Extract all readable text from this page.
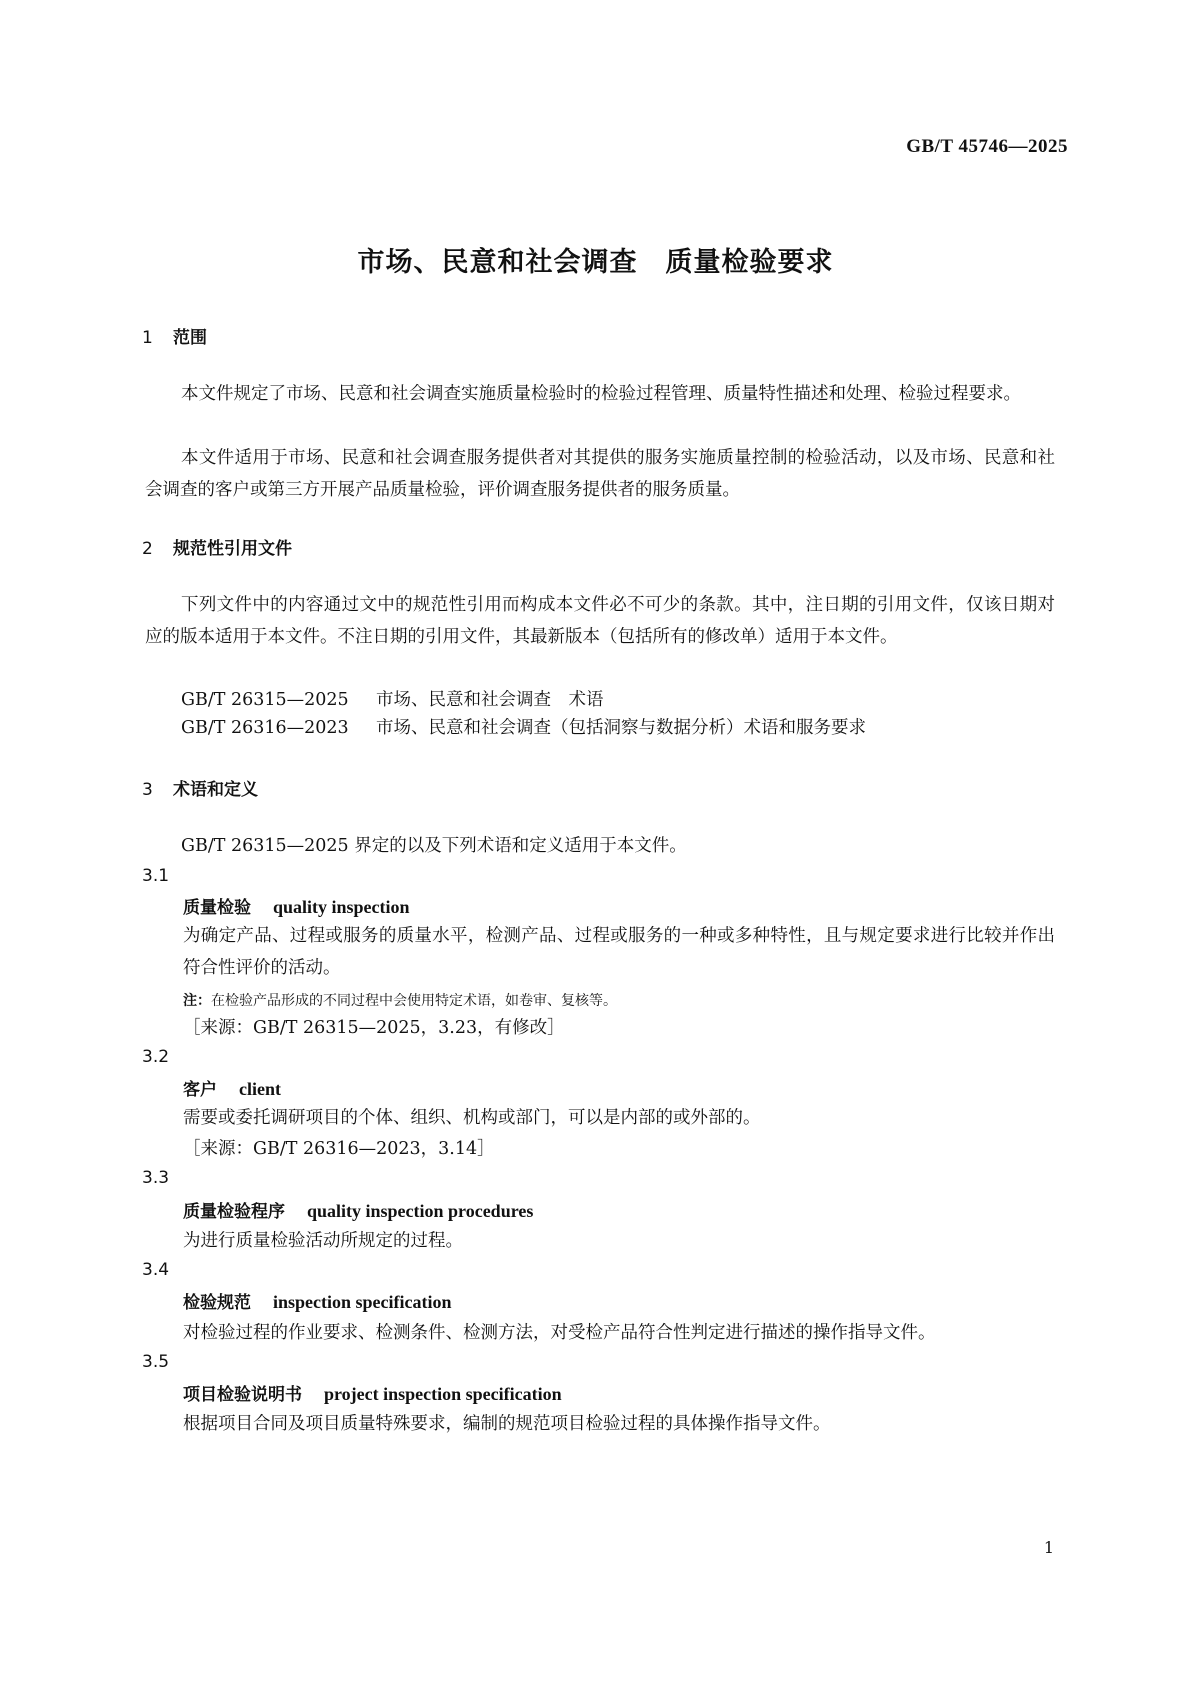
GB/T 45746—2025
市场、民意和社会调查　质量检验要求
1 范围
本文件规定了市场、民意和社会调查实施质量检验时的检验过程管理、质量特性描述和处理、检验过程要求。
本文件适用于市场、民意和社会调查服务提供者对其提供的服务实施质量控制的检验活动，以及市场、民意和社会调查的客户或第三方开展产品质量检验，评价调查服务提供者的服务质量。
2 规范性引用文件
下列文件中的内容通过文中的规范性引用而构成本文件必不可少的条款。其中，注日期的引用文件，仅该日期对应的版本适用于本文件。不注日期的引用文件，其最新版本（包括所有的修改单）适用于本文件。
GB/T 26315—2025 市场、民意和社会调查　术语
GB/T 26316—2023 市场、民意和社会调查（包括洞察与数据分析）术语和服务要求
3 术语和定义
GB/T 26315—2025 界定的以及下列术语和定义适用于本文件。
3.1
质量检验 quality inspection
为确定产品、过程或服务的质量水平，检测产品、过程或服务的一种或多种特性，且与规定要求进行比较并作出符合性评价的活动。
注：在检验产品形成的不同过程中会使用特定术语，如卷审、复核等。
［来源：GB/T 26315—2025，3.23，有修改］
3.2
客户 client
需要或委托调研项目的个体、组织、机构或部门，可以是内部的或外部的。
［来源：GB/T 26316—2023，3.14］
3.3
质量检验程序 quality inspection procedures
为进行质量检验活动所规定的过程。
3.4
检验规范 inspection specification
对检验过程的作业要求、检测条件、检测方法，对受检产品符合性判定进行描述的操作指导文件。
3.5
项目检验说明书 project inspection specification
根据项目合同及项目质量特殊要求，编制的规范项目检验过程的具体操作指导文件。
1
